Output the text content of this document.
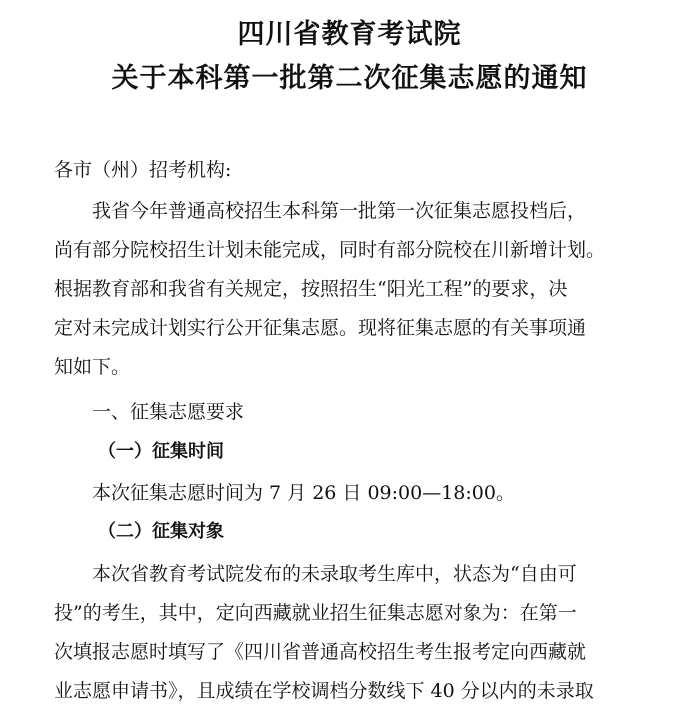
四川省教育考试院
关于本科第一批第二次征集志愿的通知
各市（州）招考机构:
我省今年普通高校招生本科第一批第一次征集志愿投档后，
尚有部分院校招生计划未能完成，同时有部分院校在川新增计划。
根据教育部和我省有关规定，按照招生“阳光工程”的要求，决
定对未完成计划实行公开征集志愿。现将征集志愿的有关事项通
知如下。
一、征集志愿要求
（一）征集时间
本次征集志愿时间为 7 月 26 日 09:00—18:00。
（二）征集对象
本次省教育考试院发布的未录取考生库中，状态为“自由可
投”的考生，其中，定向西藏就业招生征集志愿对象为：在第一
次填报志愿时填写了《四川省普通高校招生考生报考定向西藏就
业志愿申请书》，且成绩在学校调档分数线下 40 分以内的未录取
